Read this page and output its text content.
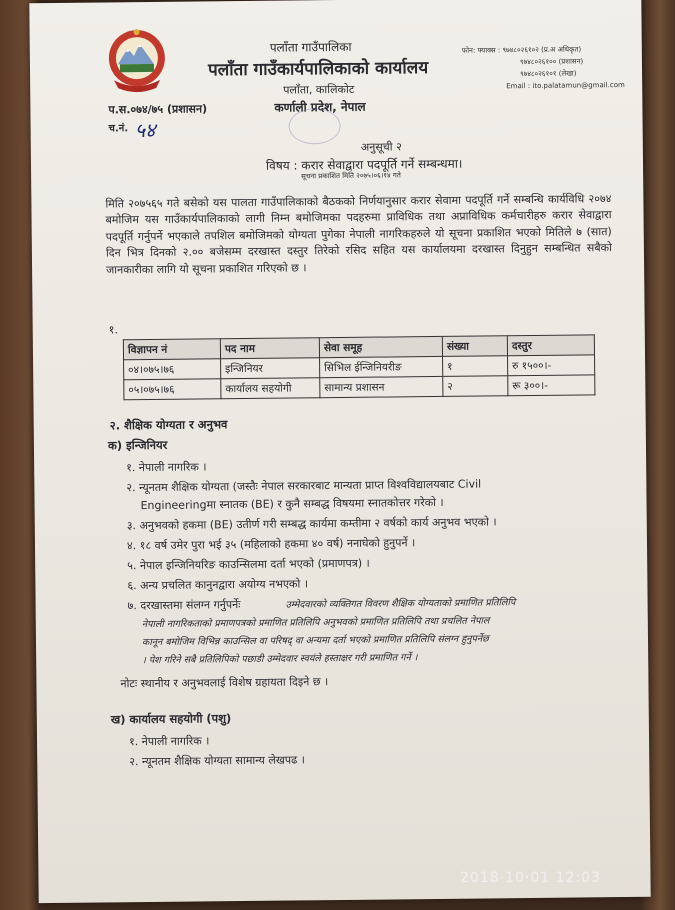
पलाँता गाउँपालिका
पलाँता गाउँकार्यपालिकाको कार्यालय
पलाँता, कालिकोट
कर्णाली प्रदेश, नेपाल
प.स.०७४/७५ (प्रशासन)
च.नं. ५४
फोन: फ्याक्स : ९७४८०२६१०२ (प्र.अ अधिकृत)
९७४८०२६१०० (प्रशासन)
९७४८०२६१०१ (लेखा)
Email : ito.palatamun@gmail.com
अनुसूची २
विषय : करार सेवाद्वारा पदपूर्ति गर्ने सम्बन्धमा।
सूचना प्रकाशित मिति २०७५।०६।१४ गते
मिति २०७५६५ गते बसेको यस पालता गाउँपालिकाको बैठकको निर्णयानुसार करार सेवामा पदपूर्ति गर्ने सम्बन्धि कार्यविधि २०७४ बमोजिम यस गाउँकार्यपालिकाको लागी निम्न बमोजिमका पदहरुमा प्राविधिक तथा अप्राविधिक कर्मचारीहरु करार सेवाद्वारा पदपूर्ति गर्नुपर्ने भएकाले तपशिल बमोजिमको योग्यता पुगेका नेपाली नागरिकहरुले यो सूचना प्रकाशित भएको मितिले ७ (सात) दिन भित्र दिनको २.०० बजेसम्म दरखास्त दस्तुर तिरेको रसिद सहित यस कार्यालयमा दरखास्त दिनुहुन सम्बन्धित सबैको जानकारीका लागि यो सूचना प्रकाशित गरिएको छ ।
१.
विज्ञापन नं	पद नाम	सेवा समूह	संख्या	दस्तुर
०४।०७५।७६	इन्जिनियर	सिभिल ईन्जिनियरीङ	१	रु १५००।-
०५।०७५।७६	कार्यालय सहयोगी	सामान्य प्रशासन	२	रू ३००।-
२. शैक्षिक योग्यता र अनुभव
क) इन्जिनियर
१. नेपाली नागरिक ।
२. न्यूनतम शैक्षिक योग्यता (जस्तैः नेपाल सरकारबाट मान्यता प्राप्त विश्वविद्यालयबाट Civil
Engineeringमा स्नातक (BE) र कुनै सम्बद्ध विषयमा स्नातकोत्तर गरेको ।
३. अनुभवको हकमा (BE) उतीर्ण गरी सम्बद्ध कार्यमा कम्तीमा २ वर्षको कार्य अनुभव भएको ।
४. १८ वर्ष उमेर पुरा भई ३५ (महिलाको हकमा ४० वर्ष) ननाघेको हुनुपर्ने ।
५. नेपाल इन्जिनियरिङ काउन्सिलमा दर्ता भएको (प्रमाणपत्र) ।
६. अन्य प्रचलित कानुनद्वारा अयोग्य नभएको ।
७. दरखास्तमा संलग्न गर्नुपर्नेः	उम्मेदवारको व्यक्तिगत विवरण शैक्षिक योग्यताको प्रमाणित प्रतिलिपि
नेपाली नागरिकताको प्रमाणपत्रको प्रमाणित प्रतिलिपि अनुभवको प्रमाणित प्रतिलिपि तथा प्रचलित नेपाल
कानून बमोजिम विभिन्न काउन्सिल वा परिषद् वा अन्यमा दर्ता भएको प्रमाणित प्रतिलिपि संलग्न हुनुपर्नेछ
। पेश गरिने सबै प्रतिलिपिको पछाडी उम्मेदवार स्वयंले हस्ताक्षर गरी प्रमाणित गर्ने ।
नोटः स्थानीय र अनुभवलाई विशेष ग्रहायता दिइने छ ।
ख) कार्यालय सहयोगी (पशु)
१. नेपाली नागरिक ।
२. न्यूनतम शैक्षिक योग्यता सामान्य लेखपढ ।
2018·10·01 12:03
